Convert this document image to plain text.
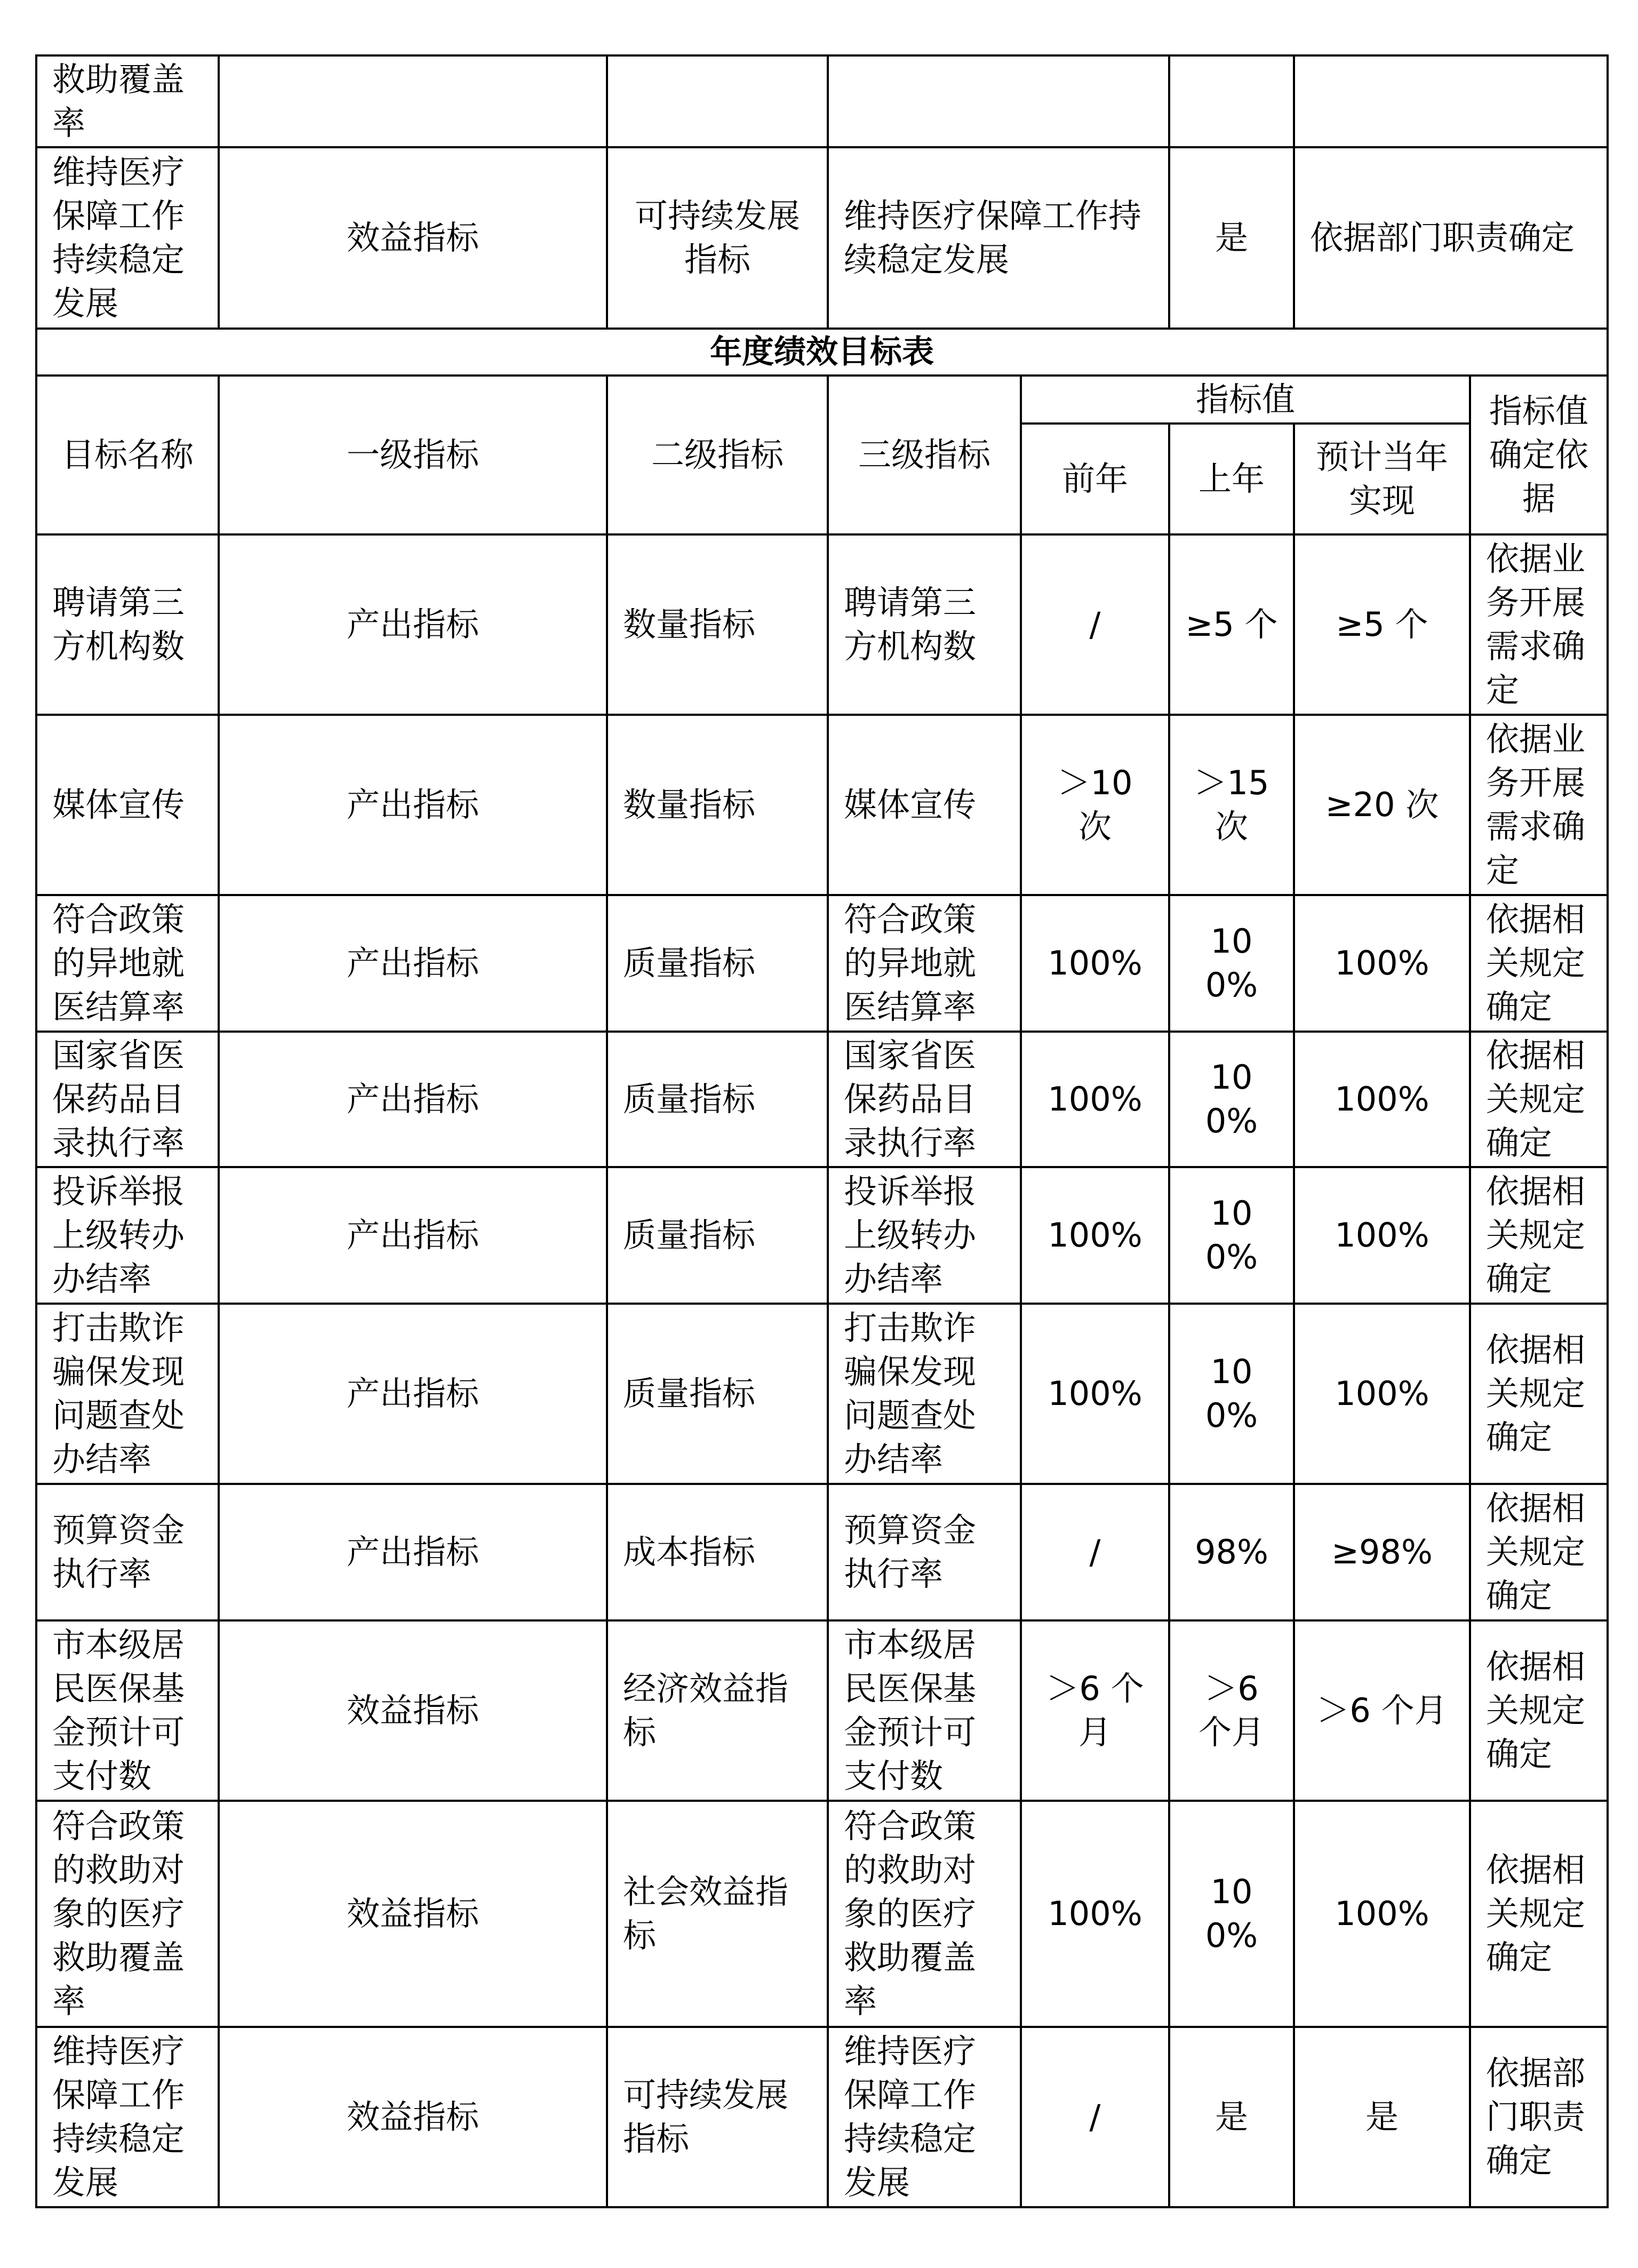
救助覆盖率							
维持医疗保障工作持续稳定发展	效益指标	可持续发展指标	维持医疗保障工作持续稳定发展		是	依据部门职责确定	
年度绩效目标表							
目标名称	一级指标	二级指标	三级指标	指标值			指标值确定依据
				前年	上年	预计当年实现	
聘请第三方机构数	产出指标	数量指标	聘请第三方机构数	/	≥5 个	≥5 个	依据业务开展需求确定
媒体宣传	产出指标	数量指标	媒体宣传	＞10 次	＞15 次	≥20 次	依据业务开展需求确定
符合政策的异地就医结算率	产出指标	质量指标	符合政策的异地就医结算率	100%	100%	100%	依据相关规定确定
国家省医保药品目录执行率	产出指标	质量指标	国家省医保药品目录执行率	100%	100%	100%	依据相关规定确定
投诉举报上级转办办结率	产出指标	质量指标	投诉举报上级转办办结率	100%	100%	100%	依据相关规定确定
打击欺诈骗保发现问题查处办结率	产出指标	质量指标	打击欺诈骗保发现问题查处办结率	100%	100%	100%	依据相关规定确定
预算资金执行率	产出指标	成本指标	预算资金执行率	/	98%	≥98%	依据相关规定确定
市本级居民医保基金预计可支付数	效益指标	经济效益指标	市本级居民医保基金预计可支付数	＞6 个月	＞6 个月	＞6 个月	依据相关规定确定
符合政策的救助对象的医疗救助覆盖率	效益指标	社会效益指标	符合政策的救助对象的医疗救助覆盖率	100%	100%	100%	依据相关规定确定
维持医疗保障工作持续稳定发展	效益指标	可持续发展指标	维持医疗保障工作持续稳定发展	/	是	是	依据部门职责确定
